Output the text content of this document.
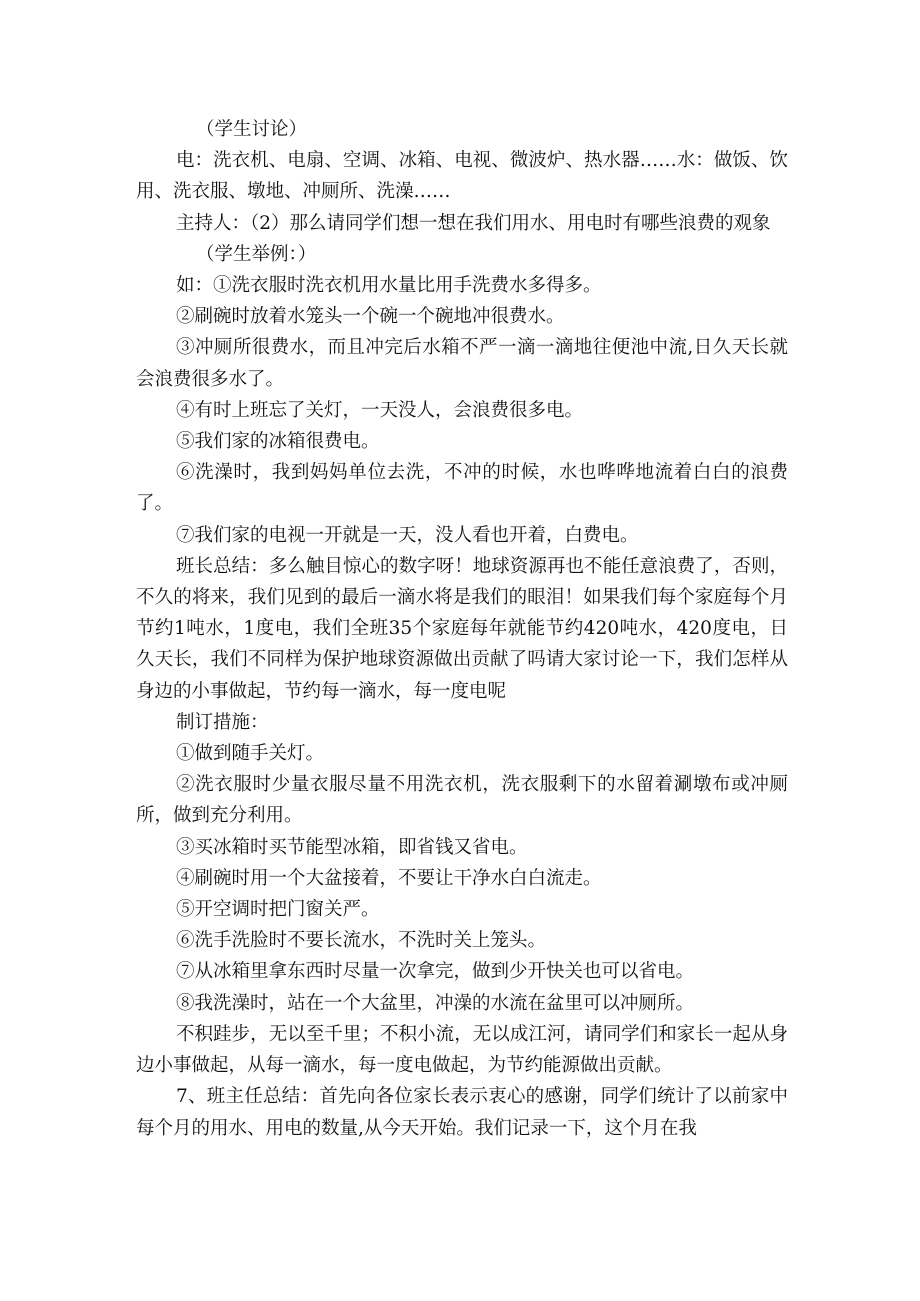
（学生讨论）

电：洗衣机、电扇、空调、冰箱、电视、微波炉、热水器……水：做饭、饮用、洗衣服、墩地、冲厕所、洗澡……

主持人：（2）那么请同学们想一想在我们用水、用电时有哪些浪费的观象

（学生举例：）

如：①洗衣服时洗衣机用水量比用手洗费水多得多。

②刷碗时放着水笼头一个碗一个碗地冲很费水。

③冲厕所很费水，而且冲完后水箱不严一滴一滴地往便池中流,日久天长就会浪费很多水了。

④有时上班忘了关灯，一天没人，会浪费很多电。

⑤我们家的冰箱很费电。

⑥洗澡时，我到妈妈单位去洗，不冲的时候，水也哗哗地流着白白的浪费了。

⑦我们家的电视一开就是一天，没人看也开着，白费电。

班长总结：多么触目惊心的数字呀！地球资源再也不能任意浪费了，否则，不久的将来，我们见到的最后一滴水将是我们的眼泪！如果我们每个家庭每个月节约1吨水，1度电，我们全班35个家庭每年就能节约420吨水，420度电，日久天长，我们不同样为保护地球资源做出贡献了吗请大家讨论一下，我们怎样从身边的小事做起，节约每一滴水，每一度电呢

制订措施：

①做到随手关灯。

②洗衣服时少量衣服尽量不用洗衣机，洗衣服剩下的水留着涮墩布或冲厕所，做到充分利用。

③买冰箱时买节能型冰箱，即省钱又省电。

④刷碗时用一个大盆接着，不要让干净水白白流走。

⑤开空调时把门窗关严。

⑥洗手洗脸时不要长流水，不洗时关上笼头。

⑦从冰箱里拿东西时尽量一次拿完，做到少开快关也可以省电。

⑧我洗澡时，站在一个大盆里，冲澡的水流在盆里可以冲厕所。

不积跬步，无以至千里；不积小流，无以成江河，请同学们和家长一起从身边小事做起，从每一滴水，每一度电做起，为节约能源做出贡献。

7、班主任总结：首先向各位家长表示衷心的感谢，同学们统计了以前家中每个月的用水、用电的数量,从今天开始。我们记录一下，这个月在我
